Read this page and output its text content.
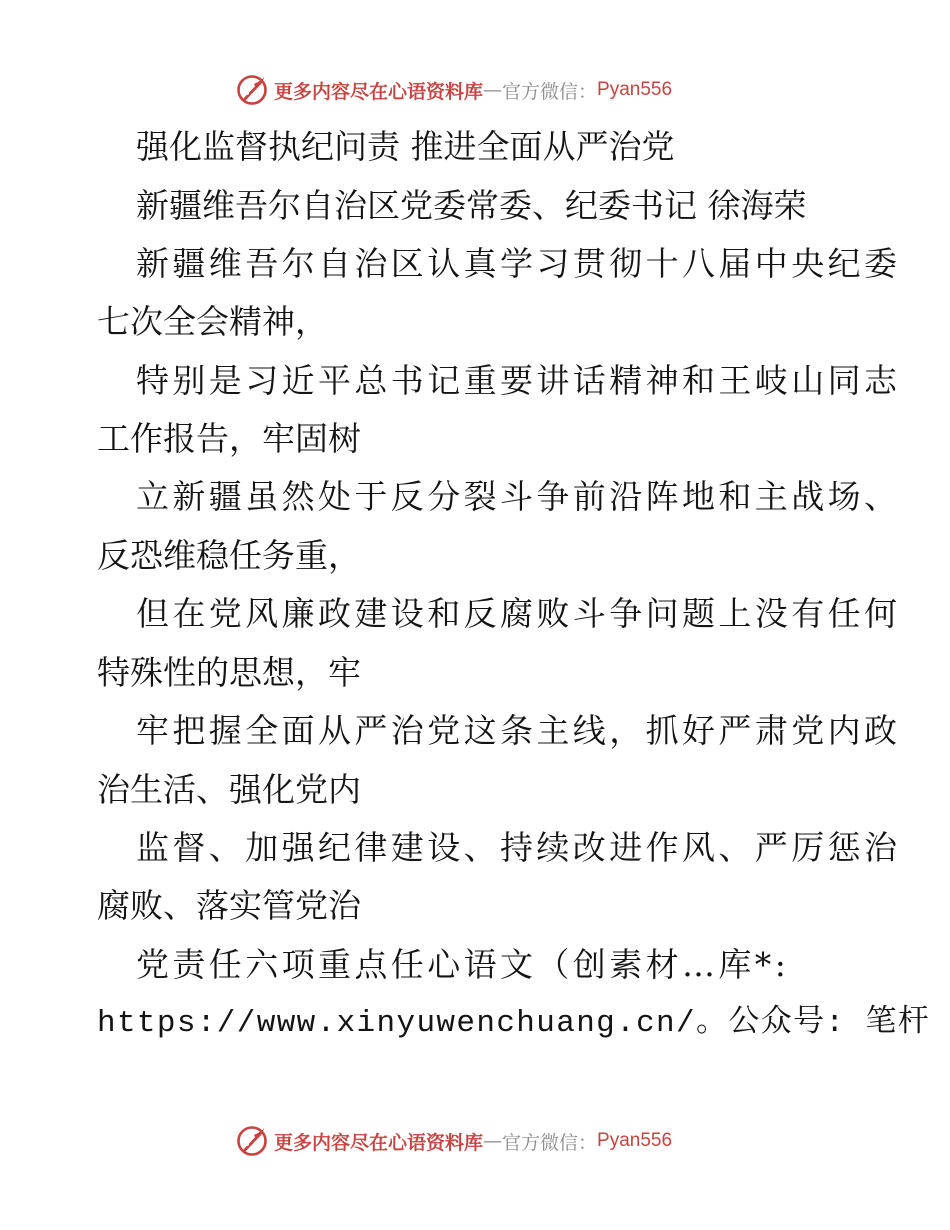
更多内容尽在心语资料库 — 官方微信： Pyan556
强化监督执纪问责 推进全面从严治党
新疆维吾尔自治区党委常委、纪委书记 徐海荣
新疆维吾尔自治区认真学习贯彻十八届中央纪委
七次全会精神，
特别是习近平总书记重要讲话精神和王岐山同志
工作报告，牢固树
立新疆虽然处于反分裂斗争前沿阵地和主战场、
反恐维稳任务重，
但在党风廉政建设和反腐败斗争问题上没有任何
特殊性的思想，牢
牢把握全面从严治党这条主线，抓好严肃党内政
治生活、强化党内
监督、加强纪律建设、持续改进作风、严厉惩治
腐败、落实管党治
党责任六项重点任心语文（创素材…库*:
https://www.xinyuwenchuang.cn/。公众号: 笔杆
更多内容尽在心语资料库 — 官方微信： Pyan556
